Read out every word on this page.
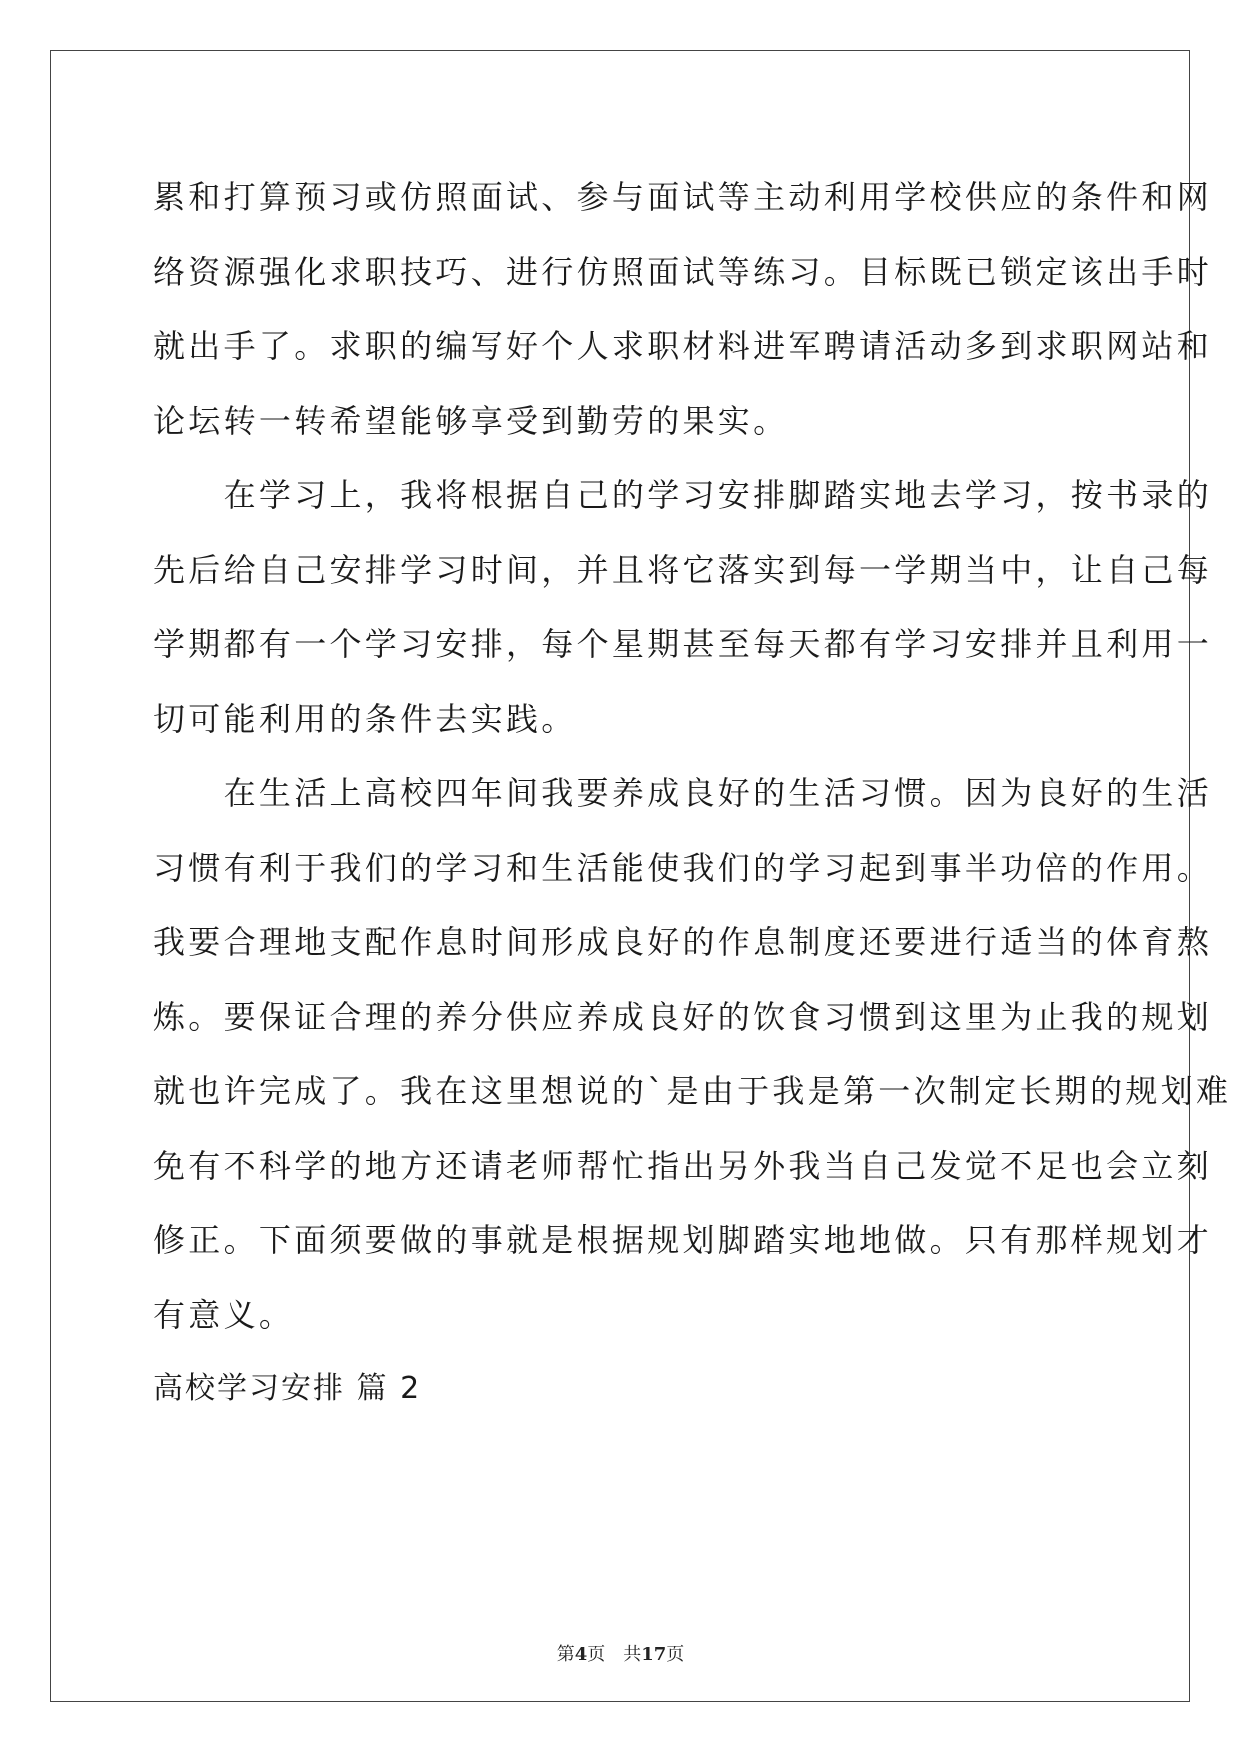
累和打算预习或仿照面试、参与面试等主动利用学校供应的条件和网
络资源强化求职技巧、进行仿照面试等练习。目标既已锁定该出手时
就出手了。求职的编写好个人求职材料进军聘请活动多到求职网站和
论坛转一转希望能够享受到勤劳的果实。
　　在学习上，我将根据自己的学习安排脚踏实地去学习，按书录的
先后给自己安排学习时间，并且将它落实到每一学期当中，让自己每
学期都有一个学习安排，每个星期甚至每天都有学习安排并且利用一
切可能利用的条件去实践。
　　在生活上高校四年间我要养成良好的生活习惯。因为良好的生活
习惯有利于我们的学习和生活能使我们的学习起到事半功倍的作用。
我要合理地支配作息时间形成良好的作息制度还要进行适当的体育熬
炼。要保证合理的养分供应养成良好的饮食习惯到这里为止我的规划
就也许完成了。我在这里想说的`是由于我是第一次制定长期的规划难
免有不科学的地方还请老师帮忙指出另外我当自己发觉不足也会立刻
修正。下面须要做的事就是根据规划脚踏实地地做。只有那样规划才
有意义。
高校学习安排 篇 2
第4页　共17页
